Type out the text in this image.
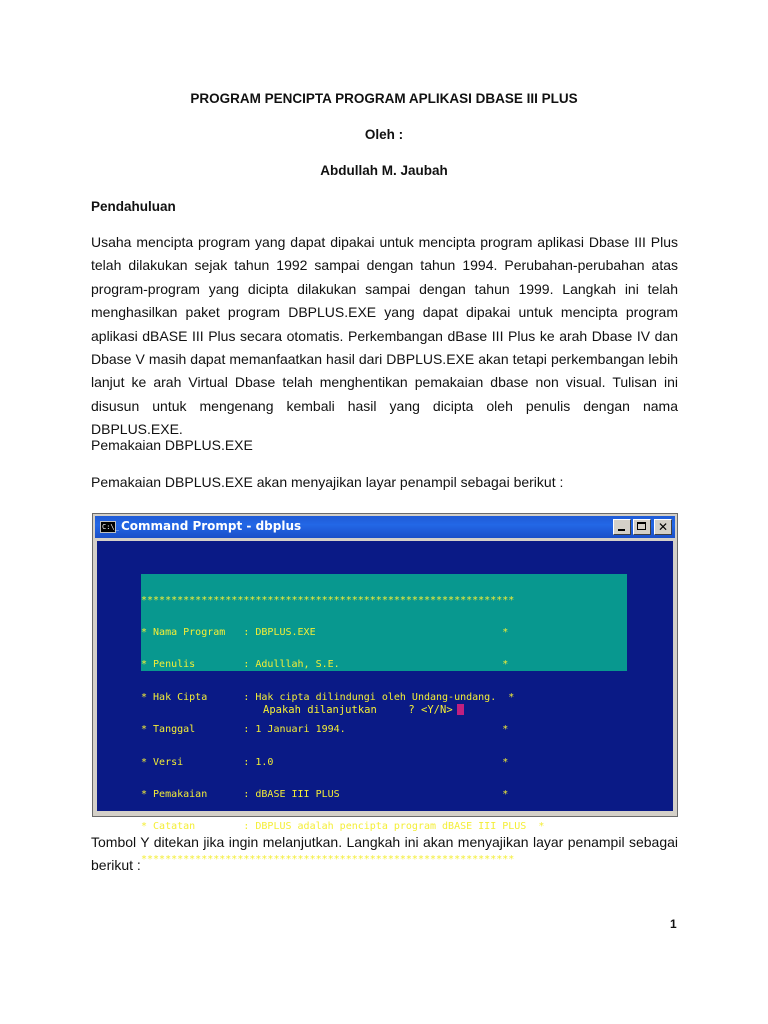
PROGRAM PENCIPTA PROGRAM APLIKASI DBASE III PLUS
Oleh :
Abdullah M. Jaubah
Pendahuluan
Usaha mencipta program yang dapat dipakai untuk mencipta program aplikasi Dbase III Plus
telah dilakukan sejak tahun 1992 sampai dengan tahun 1994. Perubahan-perubahan atas
program-program yang dicipta dilakukan sampai dengan tahun 1999. Langkah ini telah
menghasilkan paket program DBPLUS.EXE yang dapat dipakai untuk mencipta program
aplikasi dBASE III Plus secara otomatis. Perkembangan dBase III Plus ke arah Dbase IV dan
Dbase V masih dapat memanfaatkan hasil dari DBPLUS.EXE akan tetapi perkembangan lebih
lanjut ke arah Virtual Dbase telah menghentikan pemakaian dbase non visual. Tulisan ini
disusun untuk mengenang kembali hasil yang dicipta oleh penulis dengan nama DBPLUS.EXE.
Pemakaian DBPLUS.EXE
Pemakaian DBPLUS.EXE akan menyajikan layar penampil sebagai berikut :
C:\_ Command Prompt - dbplus	✕

**************************************************************

* Nama Program   : DBPLUS.EXE                               *

* Penulis        : Adulllah, S.E.                           *

* Hak Cipta      : Hak cipta dilindungi oleh Undang-undang.  *

* Tanggal        : 1 Januari 1994.                          *

* Versi          : 1.0                                      *

* Pemakaian      : dBASE III PLUS                           *

* Catatan        : DBPLUS adalah pencipta program dBASE III PLUS  *

**************************************************************

Apakah dilanjutkan     ? <Y/N>
Tombol Y ditekan jika ingin melanjutkan. Langkah ini akan menyajikan layar penampil sebagai
berikut :
1
